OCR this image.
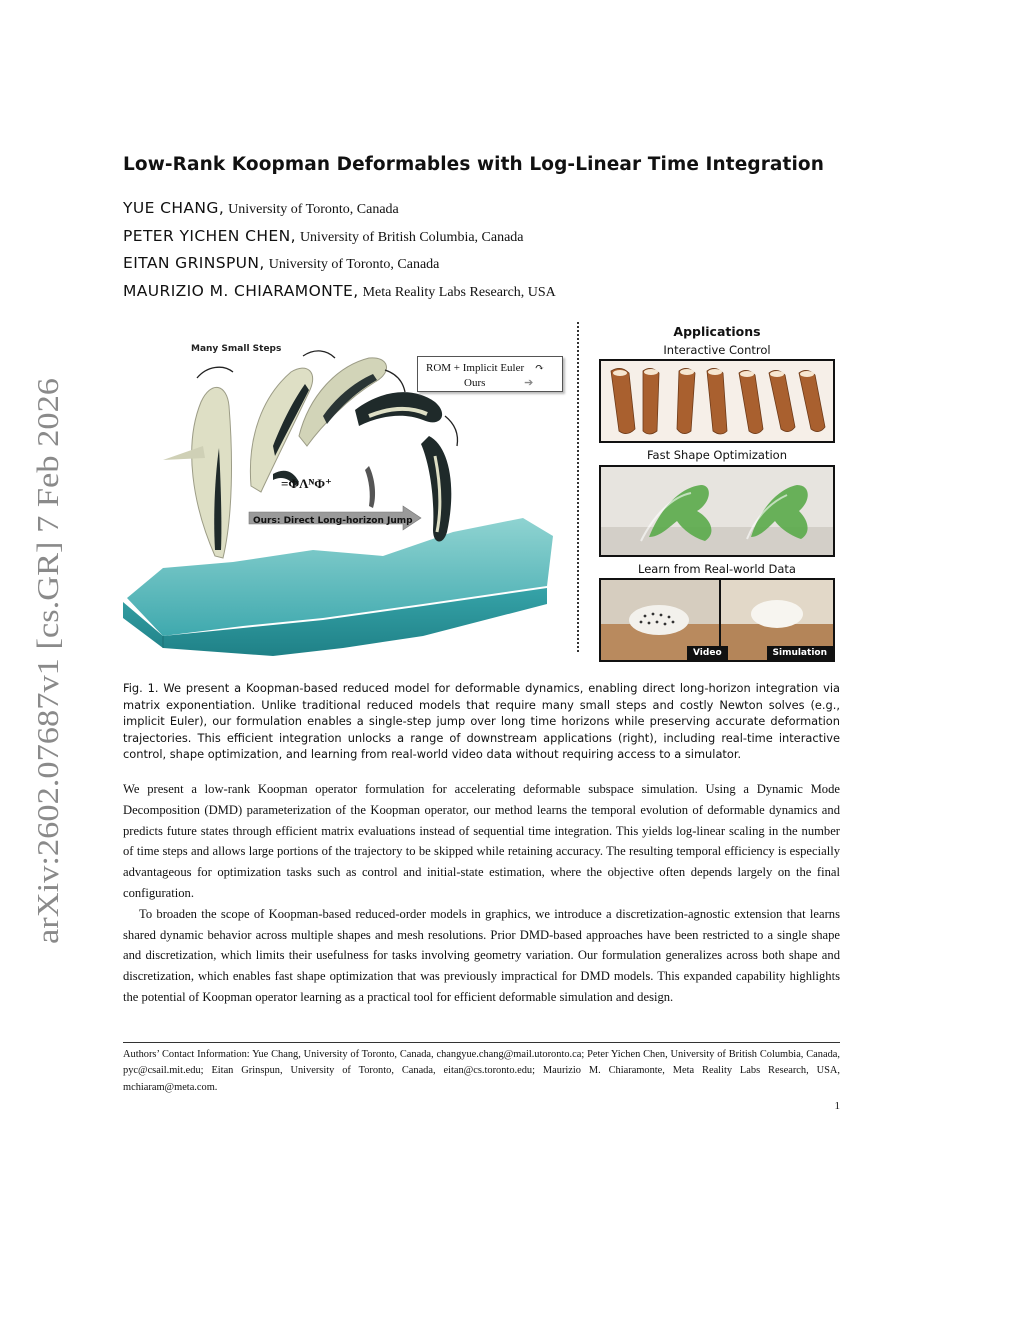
arXiv:2602.07687v1 [cs.GR] 7 Feb 2026
Low-Rank Koopman Deformables with Log-Linear Time Integration
YUE CHANG, University of Toronto, Canada
PETER YICHEN CHEN, University of British Columbia, Canada
EITAN GRINSPUN, University of Toronto, Canada
MAURIZIO M. CHIARAMONTE, Meta Reality Labs Research, USA
Many Small Steps
ROM + Implicit Euler ↷
Ours	➔
=ΦΛᴺΦ⁺
Ours: Direct Long-horizon Jump
Applications
Interactive Control
Fast Shape Optimization
Learn from Real-world Data
Video	Simulation
Fig. 1. We present a Koopman-based reduced model for deformable dynamics, enabling direct long-horizon integration via matrix exponentiation. Unlike traditional reduced models that require many small steps and costly Newton solves (e.g., implicit Euler), our formulation enables a single-step jump over long time horizons while preserving accurate deformation trajectories. This efficient integration unlocks a range of downstream applications (right), including real-time interactive control, shape optimization, and learning from real-world video data without requiring access to a simulator.

We present a low-rank Koopman operator formulation for accelerating deformable subspace simulation. Using a Dynamic Mode Decomposition (DMD) parameterization of the Koopman operator, our method learns the temporal evolution of deformable dynamics and predicts future states through efficient matrix evaluations instead of sequential time integration. This yields log-linear scaling in the number of time steps and allows large portions of the trajectory to be skipped while retaining accuracy. The resulting temporal efficiency is especially advantageous for optimization tasks such as control and initial-state estimation, where the objective often depends largely on the final configuration.

To broaden the scope of Koopman-based reduced-order models in graphics, we introduce a discretization-agnostic extension that learns shared dynamic behavior across multiple shapes and mesh resolutions. Prior DMD-based approaches have been restricted to a single shape and discretization, which limits their usefulness for tasks involving geometry variation. Our formulation generalizes across both shape and discretization, which enables fast shape optimization that was previously impractical for DMD models. This expanded capability highlights the potential of Koopman operator learning as a practical tool for efficient deformable simulation and design.

Authors’ Contact Information: Yue Chang, University of Toronto, Canada, changyue.chang@mail.utoronto.ca; Peter Yichen Chen, University of British Columbia, Canada, pyc@csail.mit.edu; Eitan Grinspun, University of Toronto, Canada, eitan@cs.toronto.edu; Maurizio M. Chiaramonte, Meta Reality Labs Research, USA, mchiaram@meta.com.
1
